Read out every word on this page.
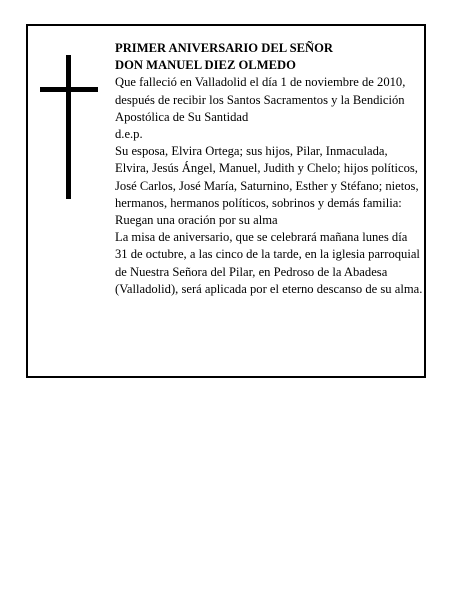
PRIMER ANIVERSARIO DEL SEÑOR

DON MANUEL DIEZ OLMEDO

Que falleció en Valladolid el día 1 de noviembre de 2010, después de recibir los Santos Sacramentos y la Bendición Apostólica de Su Santidad

d.e.p.

Su esposa, Elvira Ortega; sus hijos, Pilar, Inmaculada, Elvira, Jesús Ángel, Manuel, Judith y Chelo; hijos políticos, José Carlos, José María, Saturnino, Esther y Stéfano; nietos, hermanos, hermanos políticos, sobrinos y demás familia:

Ruegan una oración por su alma

La misa de aniversario, que se celebrará mañana lunes día 31 de octubre, a las cinco de la tarde, en la iglesia parroquial de Nuestra Señora del Pilar, en Pedroso de la Abadesa (Valladolid), será aplicada por el eterno descanso de su alma.
